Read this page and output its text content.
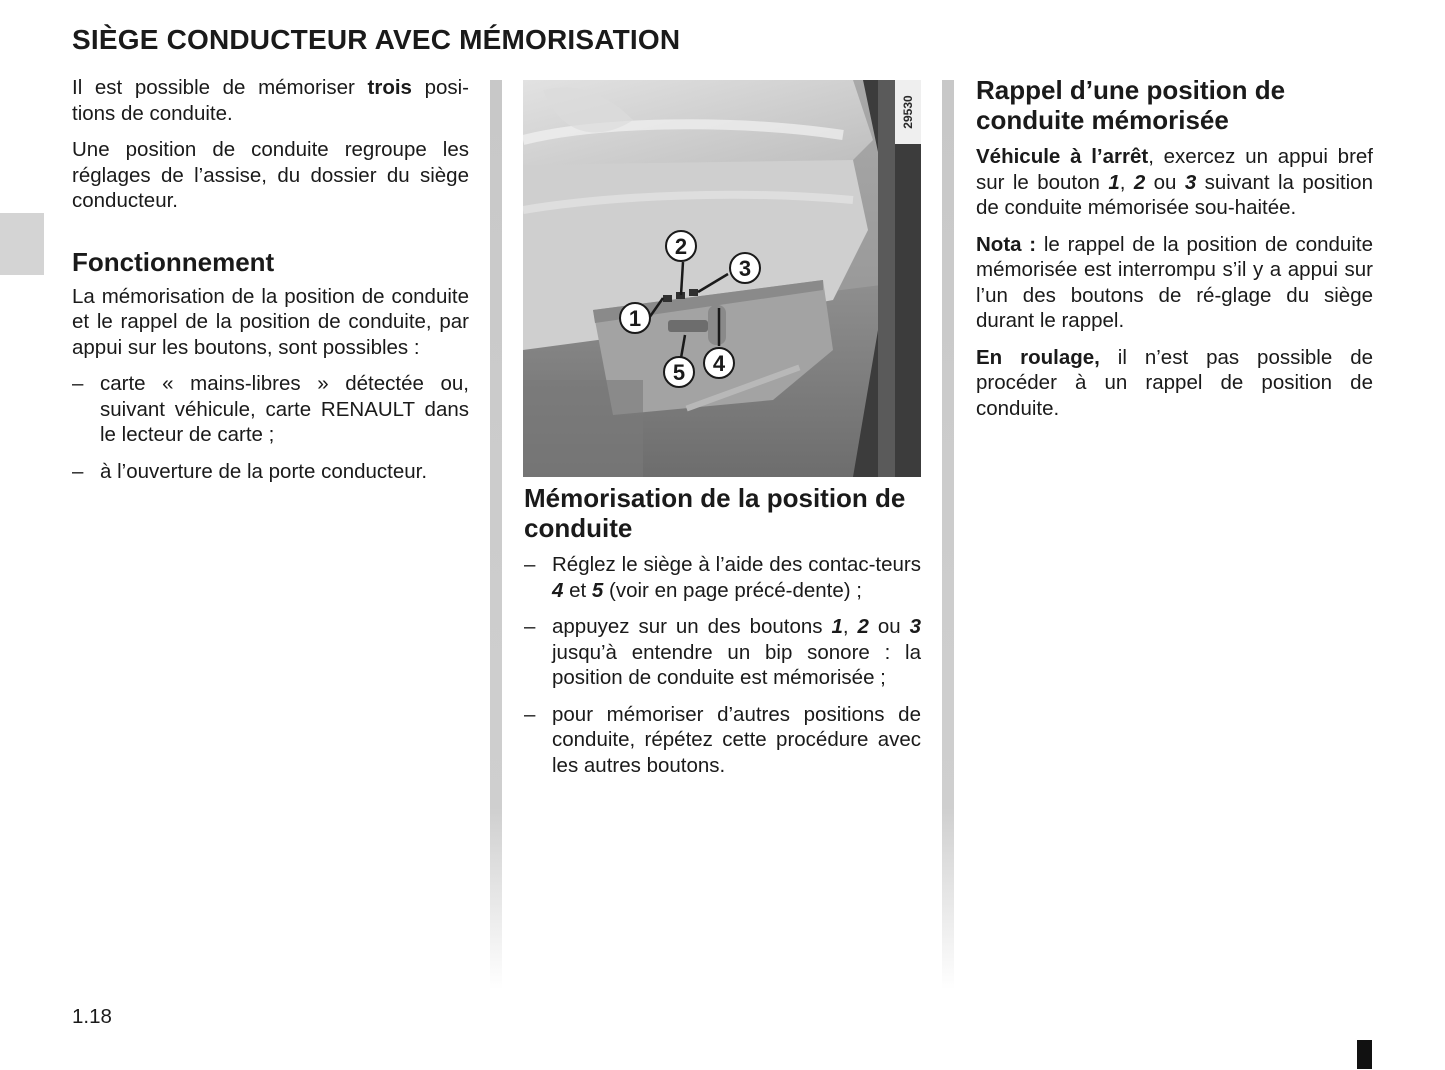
SIÈGE CONDUCTEUR AVEC MÉMORISATION

Il est possible de mémoriser trois posi-tions de conduite.

Une position de conduite regroupe les réglages de l’assise, du dossier du siège conducteur.

Fonctionnement

La mémorisation de la position de conduite et le rappel de la position de conduite, par appui sur les boutons, sont possibles :

– carte « mains-libres » détectée ou, suivant véhicule, carte RENAULT dans le lecteur de carte ;
– à l’ouverture de la porte conducteur.
29530
1
2
3
4
5
Mémorisation de la position de conduite
– Réglez le siège à l’aide des contac-teurs 4 et 5 (voir en page précé-dente) ;
– appuyez sur un des boutons 1, 2 ou 3 jusqu’à entendre un bip sonore : la position de conduite est mémorisée ;
– pour mémoriser d’autres positions de conduite, répétez cette procédure avec les autres boutons.
Rappel d’une position de conduite mémorisée

Véhicule à l’arrêt, exercez un appui bref sur le bouton 1, 2 ou 3 suivant la position de conduite mémorisée sou-haitée.

Nota : le rappel de la position de conduite mémorisée est interrompu s’il y a appui sur l’un des boutons de ré-glage du siège durant le rappel.

En roulage, il n’est pas possible de procéder à un rappel de position de conduite.

1.18
